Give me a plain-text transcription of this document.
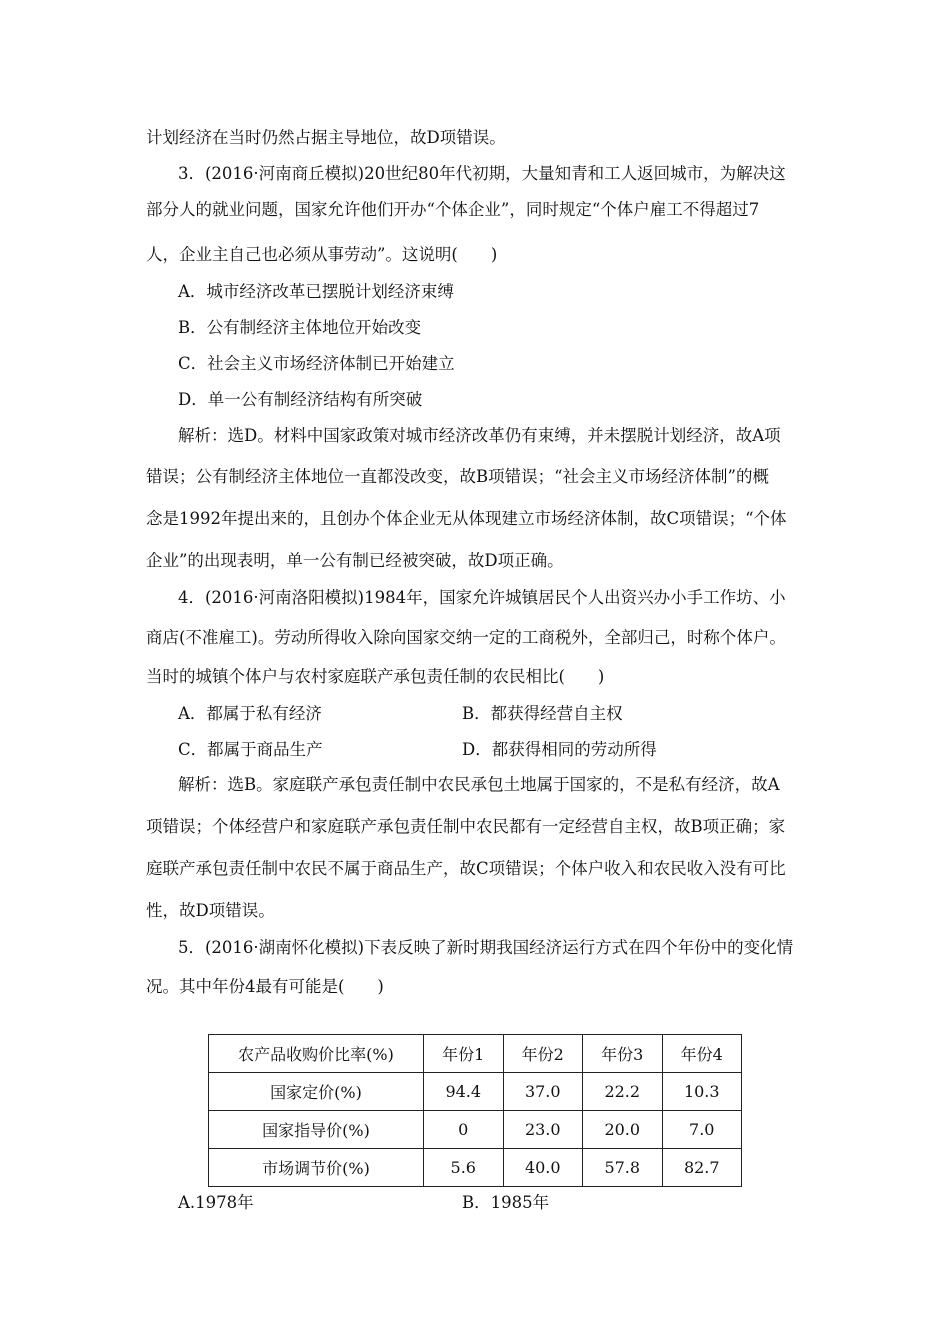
计划经济在当时仍然占据主导地位，故D项错误。
3．(2016·河南商丘模拟)20世纪80年代初期，大量知青和工人返回城市，为解决这
部分人的就业问题，国家允许他们开办“个体企业”，同时规定“个体户雇工不得超过7
人，企业主自己也必须从事劳动”。这说明(　　)
A．城市经济改革已摆脱计划经济束缚
B．公有制经济主体地位开始改变
C．社会主义市场经济体制已开始建立
D．单一公有制经济结构有所突破
解析：选D。材料中国家政策对城市经济改革仍有束缚，并未摆脱计划经济，故A项
错误；公有制经济主体地位一直都没改变，故B项错误；“社会主义市场经济体制”的概
念是1992年提出来的，且创办个体企业无从体现建立市场经济体制，故C项错误；“个体
企业”的出现表明，单一公有制已经被突破，故D项正确。
4．(2016·河南洛阳模拟)1984年，国家允许城镇居民个人出资兴办小手工作坊、小
商店(不准雇工)。劳动所得收入除向国家交纳一定的工商税外，全部归己，时称个体户。
当时的城镇个体户与农村家庭联产承包责任制的农民相比(　　)
A．都属于私有经济	B．都获得经营自主权
C．都属于商品生产	D．都获得相同的劳动所得
解析：选B。家庭联产承包责任制中农民承包土地属于国家的，不是私有经济，故A
项错误；个体经营户和家庭联产承包责任制中农民都有一定经营自主权，故B项正确；家
庭联产承包责任制中农民不属于商品生产，故C项错误；个体户收入和农民收入没有可比
性，故D项错误。
5．(2016·湖南怀化模拟)下表反映了新时期我国经济运行方式在四个年份中的变化情
况。其中年份4最有可能是(　　)
农产品收购价比率(%)	年份1	年份2	年份3	年份4
国家定价(%)	94.4	37.0	22.2	10.3
国家指导价(%)	0	23.0	20.0	7.0
市场调节价(%)	5.6	40.0	57.8	82.7
A.1978年	B．1985年
